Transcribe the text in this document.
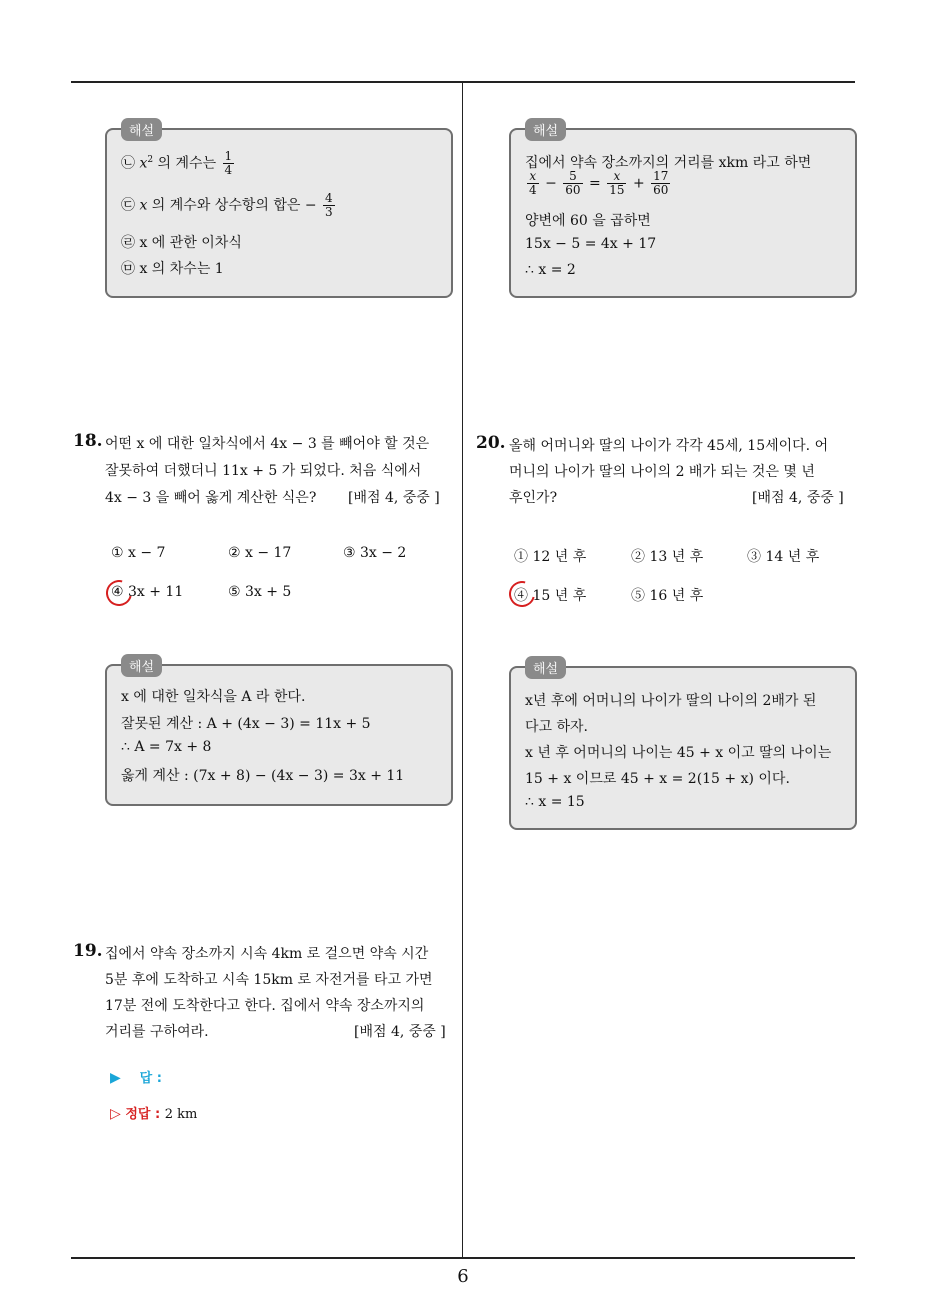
해설
㉡ $x^2$ 의 계수는 $\frac{1}{4}$
㉢ x 의 계수와 상수항의 합은 − $\frac{4}{3}$
㉣ x 에 관한 이차식
㉤ x 의 차수는 1
해설
집에서 약속 장소까지의 거리를 xkm 라고 하면
$\frac{x}{4} - \frac{5}{60} = \frac{x}{15} + \frac{17}{60}$
양변에 60 을 곱하면
15x − 5 = 4x + 17
∴ x = 2
18. 어떤 x 에 대한 일차식에서 4x − 3 를 빼어야 할 것은
잘못하여 더했더니 11x + 5 가 되었다. 처음 식에서
4x − 3 을 빼어 옳게 계산한 식은? [배점 4, 중중 ]
① x − 7	② x − 17	③ 3x − 2
④ 3x + 11	⑤ 3x + 5
해설
x 에 대한 일차식을 A 라 한다.
잘못된 계산 : A + (4x − 3) = 11x + 5
∴ A = 7x + 8
옳게 계산 : (7x + 8) − (4x − 3) = 3x + 11
20. 올해 어머니와 딸의 나이가 각각 45세, 15세이다. 어
머니의 나이가 딸의 나이의 2 배가 되는 것은 몇 년
후인가?	[배점 4, 중중 ]
① 12 년 후	② 13 년 후	③ 14 년 후
④ 15 년 후	⑤ 16 년 후
해설
x년 후에 어머니의 나이가 딸의 나이의 2배가 된
다고 하자.
x 년 후 어머니의 나이는 45 + x 이고 딸의 나이는
15 + x 이므로 45 + x = 2(15 + x) 이다.
∴ x = 15
19. 집에서 약속 장소까지 시속 4km 로 걸으면 약속 시간
5분 후에 도착하고 시속 15km 로 자전거를 타고 가면
17분 전에 도착한다고 한다. 집에서 약속 장소까지의
거리를 구하여라.	[배점 4, 중중 ]
▶ 답 :
▷ 정답 : 2 km
6
